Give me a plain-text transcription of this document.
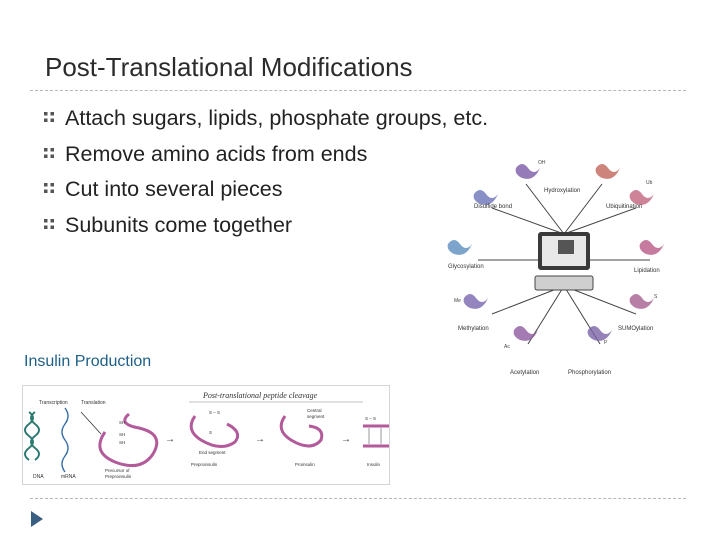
Post-Translational Modifications
Attach sugars, lipids, phosphate groups, etc.
Remove amino acids from ends
Cut into several pieces
Subunits come together
OH
Ub
Me
S
Ac
P
Hydroxylation
Disulfide bond	Ubiquitination
Glycosylation
Lipidation
Methylation	SUMOylation
Acetylation	Phosphorylation
Insulin Production
Post-translational peptide cleavage
Transcription	Translation
DNA	mRNA
SH
SH
SH
Precursor of
Preproinsulin
→
S – S
S
End segment
Preproinsulin
→
Central
segment
Proinsulin
→
S – S
Insulin
